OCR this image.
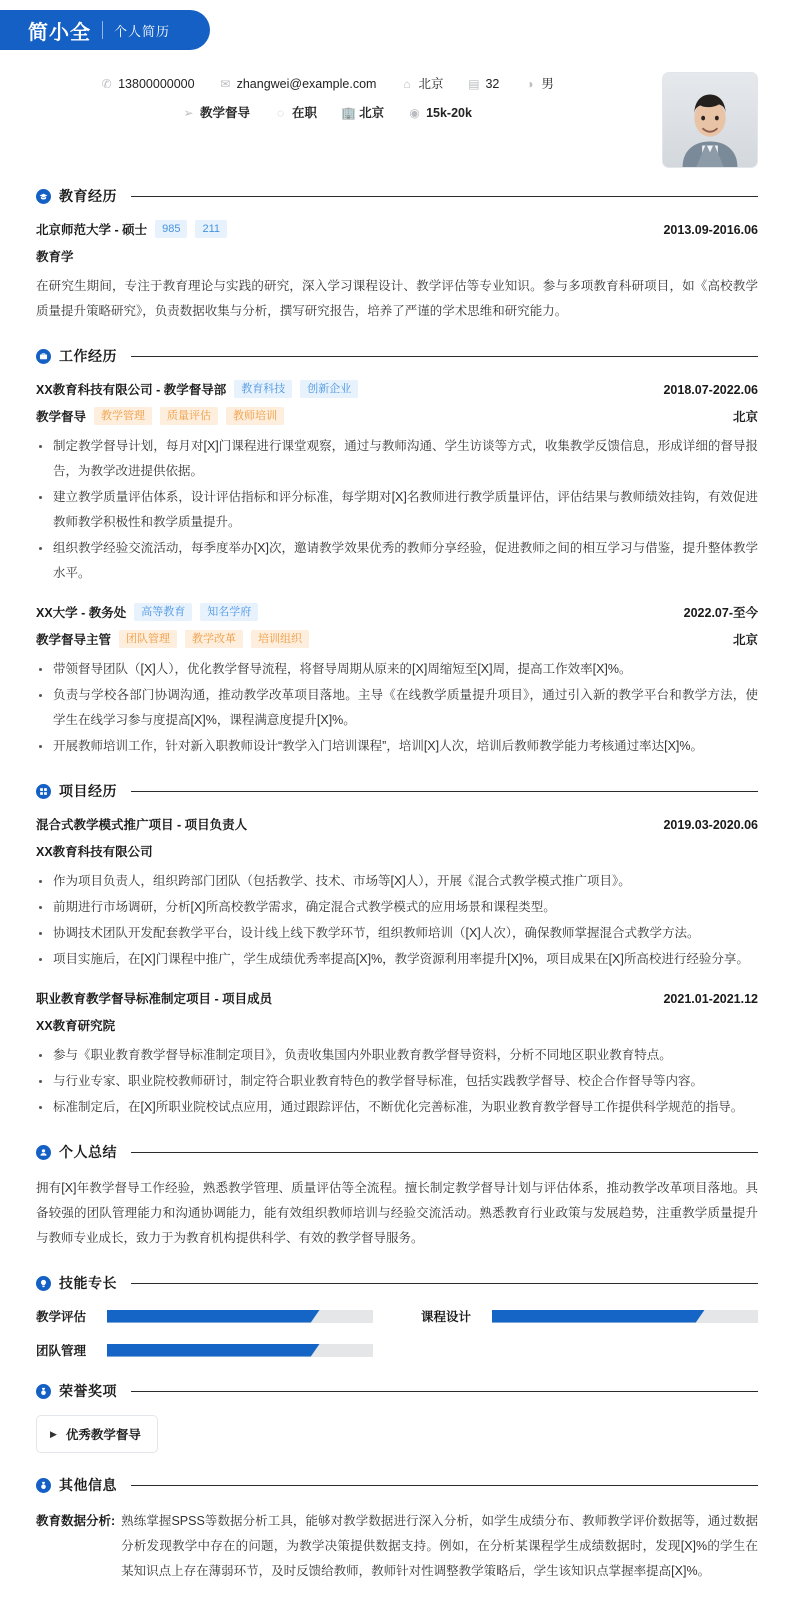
简小全 个人简历
✆ 13800000000 ✉ zhangwei@example.com ⌂ 北京 ▤ 32 ◑ 男
➢ 教学督导 ◌ 在职 🏢 北京 ◉ 15k-20k
教育经历
北京师范大学 - 硕士	985	211	2013.09-2016.06
教育学
在研究生期间，专注于教育理论与实践的研究，深入学习课程设计、教学评估等专业知识。参与多项教育科研项目，如《高校教学质量提升策略研究》，负责数据收集与分析，撰写研究报告，培养了严谨的学术思维和研究能力。
工作经历
XX教育科技有限公司 - 教学督导部	教育科技	创新企业	2018.07-2022.06
教学督导	教学管理	质量评估	教师培训	北京
制定教学督导计划，每月对[X]门课程进行课堂观察，通过与教师沟通、学生访谈等方式，收集教学反馈信息，形成详细的督导报告，为教学改进提供依据。
建立教学质量评估体系，设计评估指标和评分标准，每学期对[X]名教师进行教学质量评估，评估结果与教师绩效挂钩，有效促进教师教学积极性和教学质量提升。
组织教学经验交流活动，每季度举办[X]次，邀请教学效果优秀的教师分享经验，促进教师之间的相互学习与借鉴，提升整体教学水平。
XX大学 - 教务处	高等教育	知名学府	2022.07-至今
教学督导主管	团队管理	教学改革	培训组织	北京
带领督导团队（[X]人），优化教学督导流程，将督导周期从原来的[X]周缩短至[X]周，提高工作效率[X]%。
负责与学校各部门协调沟通，推动教学改革项目落地。主导《在线教学质量提升项目》，通过引入新的教学平台和教学方法，使学生在线学习参与度提高[X]%，课程满意度提升[X]%。
开展教师培训工作，针对新入职教师设计“教学入门培训课程”，培训[X]人次，培训后教师教学能力考核通过率达[X]%。
项目经历
混合式教学模式推广项目 - 项目负责人	2019.03-2020.06
XX教育科技有限公司
作为项目负责人，组织跨部门团队（包括教学、技术、市场等[X]人），开展《混合式教学模式推广项目》。
前期进行市场调研，分析[X]所高校教学需求，确定混合式教学模式的应用场景和课程类型。
协调技术团队开发配套教学平台，设计线上线下教学环节，组织教师培训（[X]人次），确保教师掌握混合式教学方法。
项目实施后，在[X]门课程中推广，学生成绩优秀率提高[X]%，教学资源利用率提升[X]%，项目成果在[X]所高校进行经验分享。
职业教育教学督导标准制定项目 - 项目成员	2021.01-2021.12
XX教育研究院
参与《职业教育教学督导标准制定项目》，负责收集国内外职业教育教学督导资料，分析不同地区职业教育特点。
与行业专家、职业院校教师研讨，制定符合职业教育特色的教学督导标准，包括实践教学督导、校企合作督导等内容。
标准制定后，在[X]所职业院校试点应用，通过跟踪评估，不断优化完善标准，为职业教育教学督导工作提供科学规范的指导。
个人总结
拥有[X]年教学督导工作经验，熟悉教学管理、质量评估等全流程。擅长制定教学督导计划与评估体系，推动教学改革项目落地。具备较强的团队管理能力和沟通协调能力，能有效组织教师培训与经验交流活动。熟悉教育行业政策与发展趋势，注重教学质量提升与教师专业成长，致力于为教育机构提供科学、有效的教学督导服务。
技能专长
教学评估	课程设计
团队管理
荣誉奖项
▶ 优秀教学督导
其他信息
教育数据分析: 熟练掌握SPSS等数据分析工具，能够对教学数据进行深入分析，如学生成绩分布、教师教学评价数据等，通过数据分析发现教学中存在的问题，为教学决策提供数据支持。例如，在分析某课程学生成绩数据时，发现[X]%的学生在某知识点上存在薄弱环节，及时反馈给教师，教师针对性调整教学策略后，学生该知识点掌握率提高[X]%。
